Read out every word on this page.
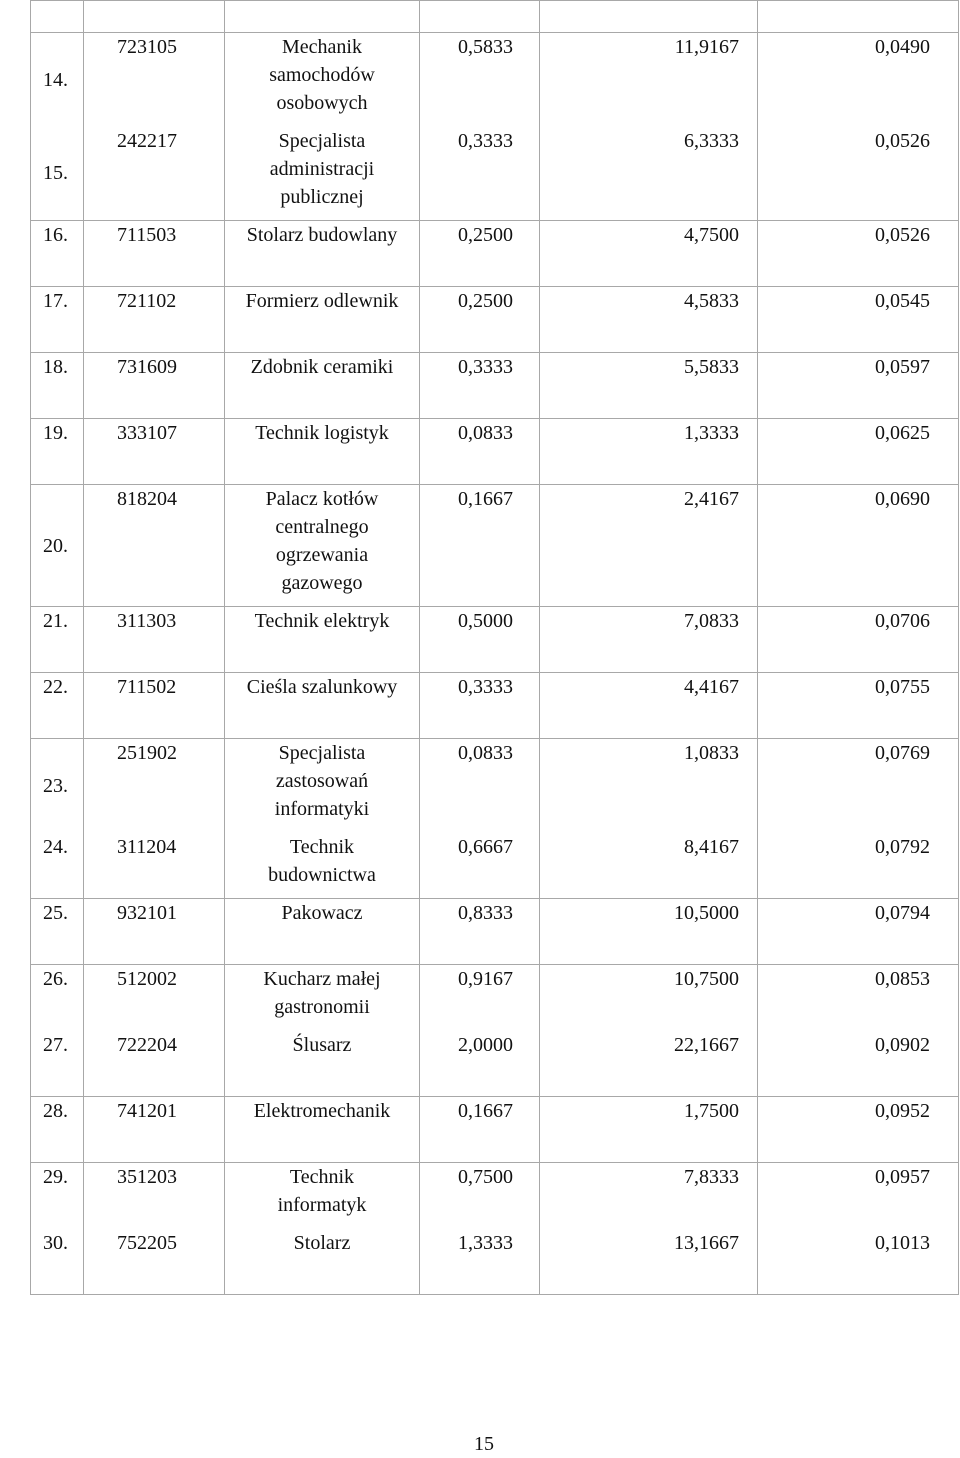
14.	723105	Mechanik
samochodów
osobowych	0,5833	11,9167	0,0490
15.	242217	Specjalista
administracji
publicznej	0,3333	6,3333	0,0526
16.	711503	Stolarz budowlany	0,2500	4,7500	0,0526
17.	721102	Formierz odlewnik	0,2500	4,5833	0,0545
18.	731609	Zdobnik ceramiki	0,3333	5,5833	0,0597
19.	333107	Technik logistyk	0,0833	1,3333	0,0625
20.	818204	Palacz kotłów
centralnego
ogrzewania
gazowego	0,1667	2,4167	0,0690
21.	311303	Technik elektryk	0,5000	7,0833	0,0706
22.	711502	Cieśla szalunkowy	0,3333	4,4167	0,0755
23.	251902	Specjalista
zastosowań
informatyki	0,0833	1,0833	0,0769
24.	311204	Technik
budownictwa	0,6667	8,4167	0,0792
25.	932101	Pakowacz	0,8333	10,5000	0,0794
26.	512002	Kucharz małej
gastronomii	0,9167	10,7500	0,0853
27.	722204	Ślusarz	2,0000	22,1667	0,0902
28.	741201	Elektromechanik	0,1667	1,7500	0,0952
29.	351203	Technik
informatyk	0,7500	7,8333	0,0957
30.	752205	Stolarz	1,3333	13,1667	0,1013
15
